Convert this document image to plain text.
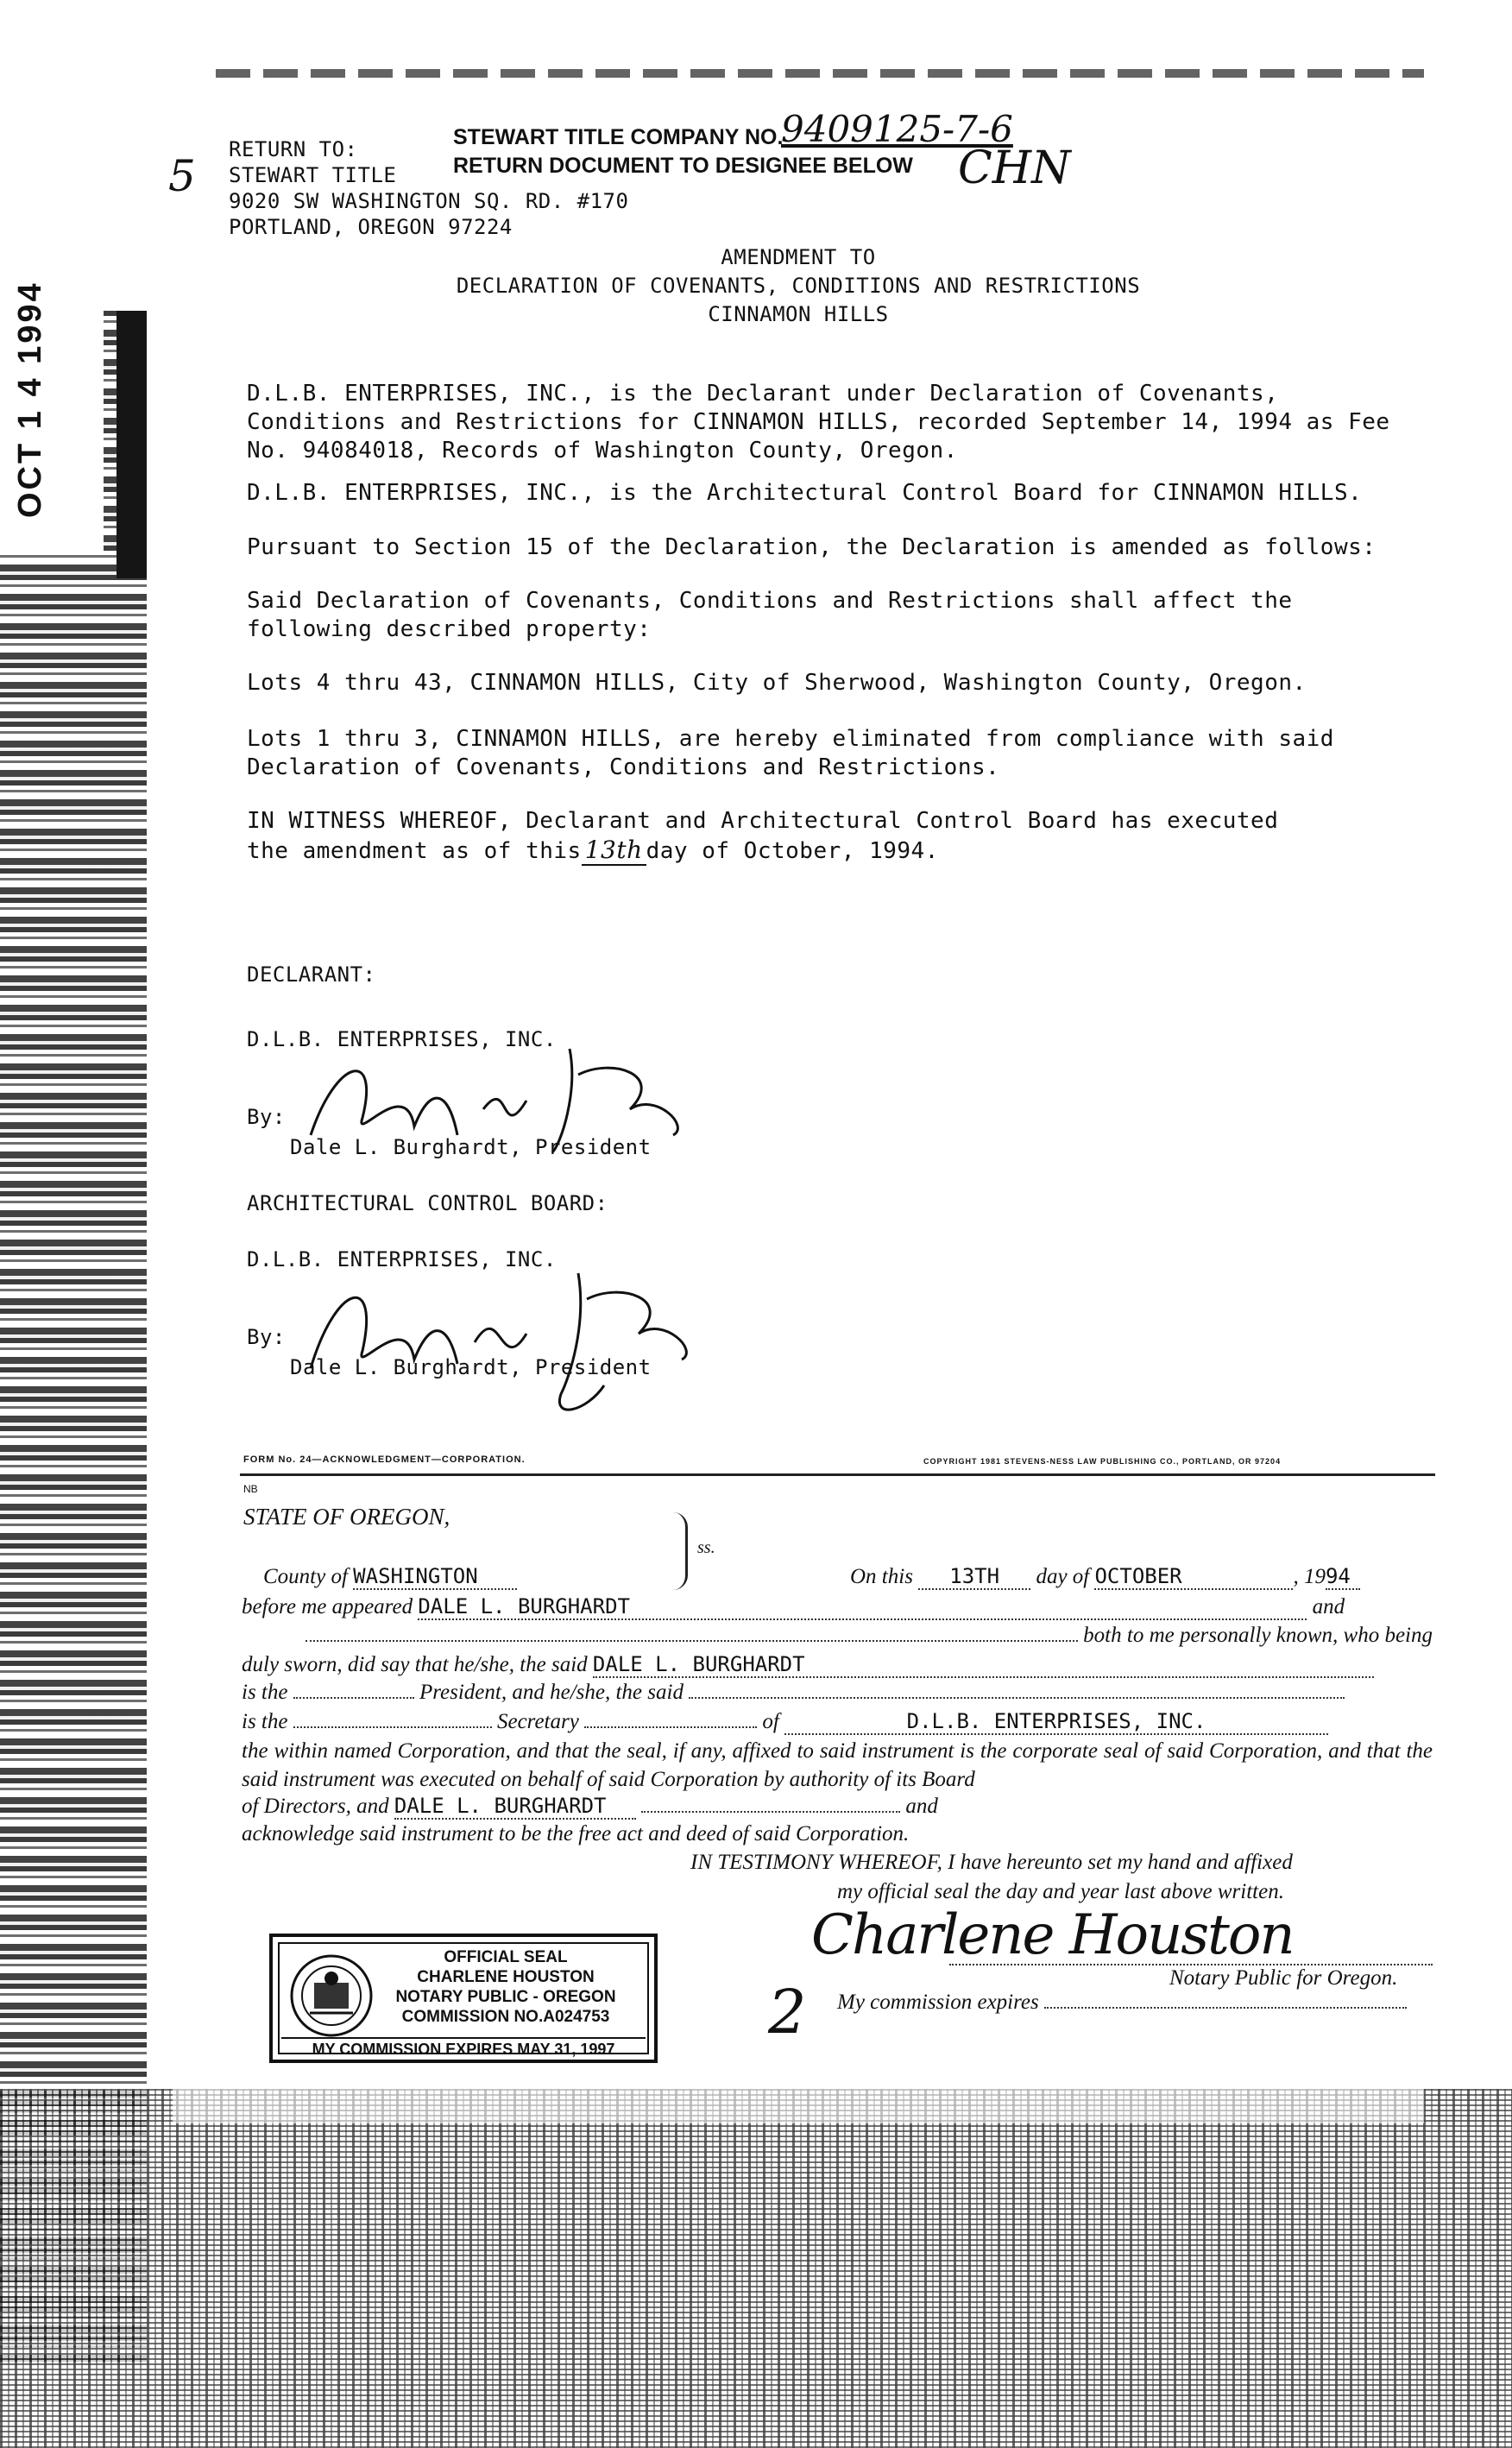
OCT 1 4 1994
5
RETURN TO:
STEWART TITLE
9020 SW WASHINGTON SQ. RD. #170
PORTLAND, OREGON 97224
STEWART TITLE COMPANY NO.
9409125-7-6
RETURN DOCUMENT TO DESIGNEE BELOW CHN
AMENDMENT TO
DECLARATION OF COVENANTS, CONDITIONS AND RESTRICTIONS
CINNAMON HILLS

D.L.B. ENTERPRISES, INC., is the Declarant under Declaration of Covenants, Conditions and Restrictions for CINNAMON HILLS, recorded September 14, 1994 as Fee No. 94084018, Records of Washington County, Oregon.

D.L.B. ENTERPRISES, INC., is the Architectural Control Board for CINNAMON HILLS.

Pursuant to Section 15 of the Declaration, the Declaration is amended as follows:

Said Declaration of Covenants, Conditions and Restrictions shall affect the following described property:

Lots 4 thru 43, CINNAMON HILLS, City of Sherwood, Washington County, Oregon.

Lots 1 thru 3, CINNAMON HILLS, are hereby eliminated from compliance with said Declaration of Covenants, Conditions and Restrictions.

IN WITNESS WHEREOF, Declarant and Architectural Control Board has executed
the amendment as of this 13th day of October, 1994.

DECLARANT:
D.L.B. ENTERPRISES, INC.
By:
Dale L. Burghardt, President
ARCHITECTURAL CONTROL BOARD:
D.L.B. ENTERPRISES, INC.
By:
Dale L. Burghardt, President
FORM No. 24—ACKNOWLEDGMENT—CORPORATION.	COPYRIGHT 1981 STEVENS-NESS LAW PUBLISHING CO., PORTLAND, OR 97204
NB
STATE OF OREGON,
ss.
County of WASHINGTON	On this 13TH day of OCTOBER	, 1994
before me appeared DALE L. BURGHARDT	and
both to me personally known, who being
duly sworn, did say that he/she, the said DALE L. BURGHARDT
is the	President, and he/she, the said
is the	Secretary	of	D.L.B. ENTERPRISES, INC.
the within named Corporation, and that the seal, if any, affixed to said instrument is the corporate seal of said Corporation, and that the said instrument was executed on behalf of said Corporation by authority of its Board
of Directors, and DALE L. BURGHARDT	and
acknowledge said instrument to be the free act and deed of said Corporation.
IN TESTIMONY WHEREOF, I have hereunto set my hand and affixed
my official seal the day and year last above written.
Charlene Houston
Notary Public for Oregon.
My commission expires
2
OFFICIAL SEAL
CHARLENE HOUSTON
NOTARY PUBLIC - OREGON
COMMISSION NO.A024753
MY COMMISSION EXPIRES MAY 31, 1997
